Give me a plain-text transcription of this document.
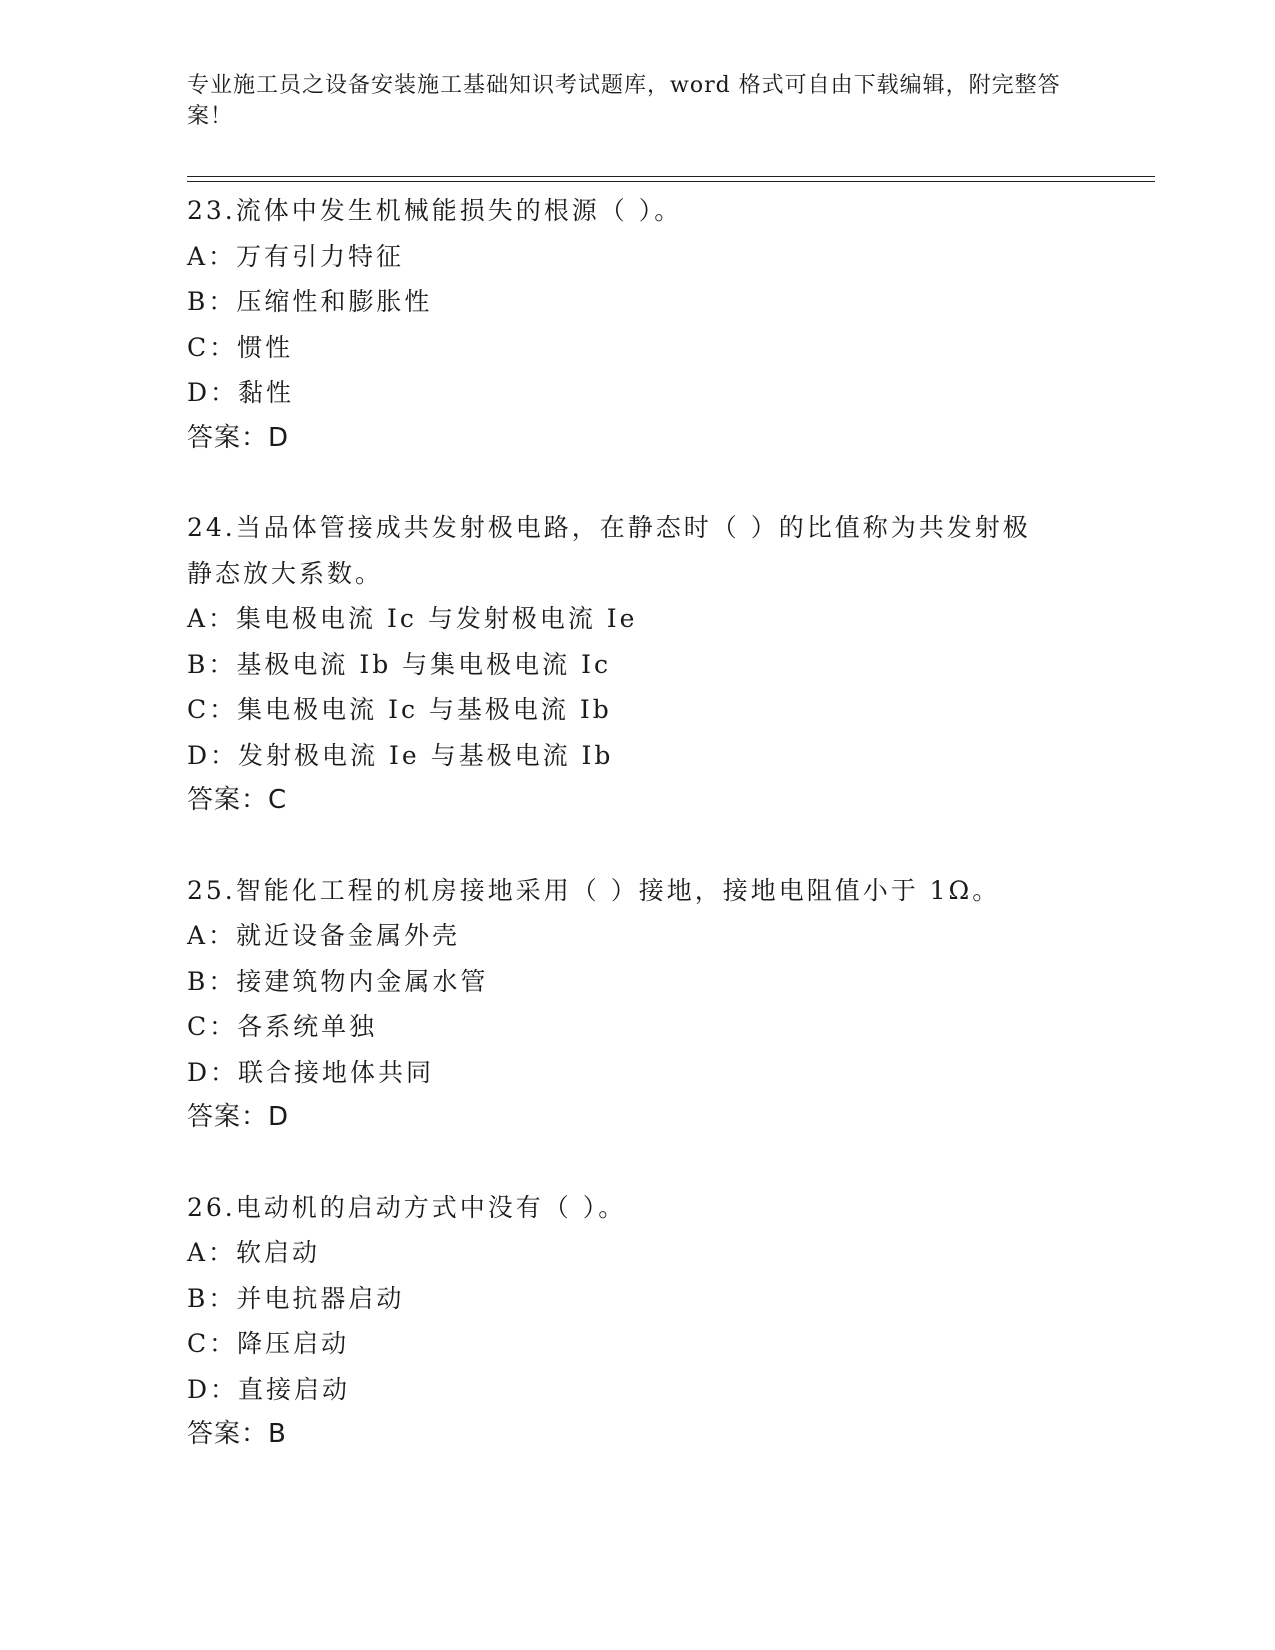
专业施工员之设备安装施工基础知识考试题库，word 格式可自由下载编辑，附完整答案！
23.流体中发生机械能损失的根源（ ）。
A：万有引力特征
B：压缩性和膨胀性
C：惯性
D：黏性
答案：D
24.当品体管接成共发射极电路，在静态时（ ）的比值称为共发射极静态放大系数。
A：集电极电流 Ic 与发射极电流 Ie
B：基极电流 Ib 与集电极电流 Ic
C：集电极电流 Ic 与基极电流 Ib
D：发射极电流 Ie 与基极电流 Ib
答案：C
25.智能化工程的机房接地采用（ ）接地，接地电阻值小于 1Ω。
A：就近设备金属外壳
B：接建筑物内金属水管
C：各系统单独
D：联合接地体共同
答案：D
26.电动机的启动方式中没有（ ）。
A：软启动
B：并电抗器启动
C：降压启动
D：直接启动
答案：B
